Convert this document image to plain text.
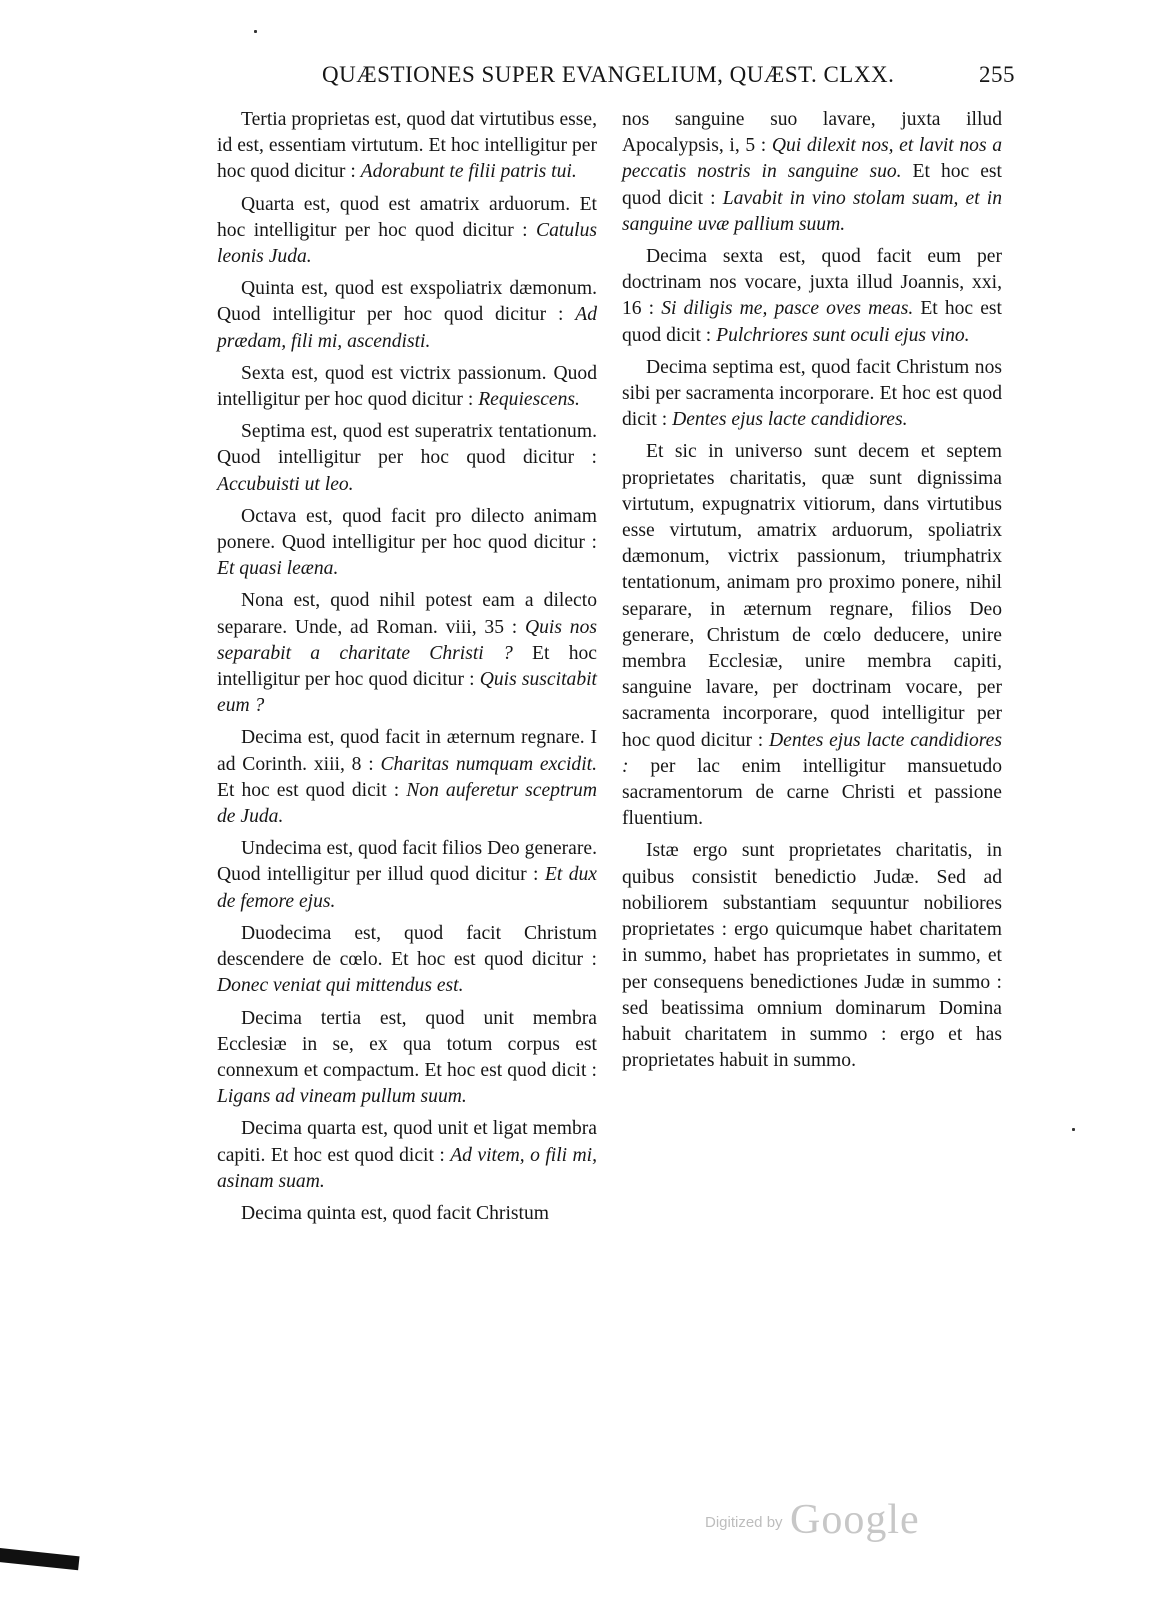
QUÆSTIONES SUPER EVANGELIUM, QUÆST. CLXX.	255

Tertia proprietas est, quod dat virtutibus esse, id est, essentiam virtutum. Et hoc intelligitur per hoc quod dicitur : Adorabunt te filii patris tui.

Quarta est, quod est amatrix arduorum. Et hoc intelligitur per hoc quod dicitur : Catulus leonis Juda.

Quinta est, quod est exspoliatrix dæmonum. Quod intelligitur per hoc quod dicitur : Ad prædam, fili mi, ascendisti.

Sexta est, quod est victrix passionum. Quod intelligitur per hoc quod dicitur : Requiescens.

Septima est, quod est superatrix tentationum. Quod intelligitur per hoc quod dicitur : Accubuisti ut leo.

Octava est, quod facit pro dilecto animam ponere. Quod intelligitur per hoc quod dicitur : Et quasi leæna.

Nona est, quod nihil potest eam a dilecto separare. Unde, ad Roman. viii, 35 : Quis nos separabit a charitate Christi ? Et hoc intelligitur per hoc quod dicitur : Quis suscitabit eum ?

Decima est, quod facit in æternum regnare. I ad Corinth. xiii, 8 : Charitas numquam excidit. Et hoc est quod dicit : Non auferetur sceptrum de Juda.

Undecima est, quod facit filios Deo generare. Quod intelligitur per illud quod dicitur : Et dux de femore ejus.

Duodecima est, quod facit Christum descendere de cœlo. Et hoc est quod dicitur : Donec veniat qui mittendus est.

Decima tertia est, quod unit membra Ecclesiæ in se, ex qua totum corpus est connexum et compactum. Et hoc est quod dicit : Ligans ad vineam pullum suum.

Decima quarta est, quod unit et ligat membra capiti. Et hoc est quod dicit : Ad vitem, o fili mi, asinam suam.

Decima quinta est, quod facit Christum

nos sanguine suo lavare, juxta illud Apocalypsis, i, 5 : Qui dilexit nos, et lavit nos a peccatis nostris in sanguine suo. Et hoc est quod dicit : Lavabit in vino stolam suam, et in sanguine uvæ pallium suum.

Decima sexta est, quod facit eum per doctrinam nos vocare, juxta illud Joannis, xxi, 16 : Si diligis me, pasce oves meas. Et hoc est quod dicit : Pulchriores sunt oculi ejus vino.

Decima septima est, quod facit Christum nos sibi per sacramenta incorporare. Et hoc est quod dicit : Dentes ejus lacte candidiores.

Et sic in universo sunt decem et septem proprietates charitatis, quæ sunt dignissima virtutum, expugnatrix vitiorum, dans virtutibus esse virtutum, amatrix arduorum, spoliatrix dæmonum, victrix passionum, triumphatrix tentationum, animam pro proximo ponere, nihil separare, in æternum regnare, filios Deo generare, Christum de cœlo deducere, unire membra Ecclesiæ, unire membra capiti, sanguine lavare, per doctrinam vocare, per sacramenta incorporare, quod intelligitur per hoc quod dicitur : Dentes ejus lacte candidiores : per lac enim intelligitur mansuetudo sacramentorum de carne Christi et passione fluentium.

Istæ ergo sunt proprietates charitatis, in quibus consistit benedictio Judæ. Sed ad nobiliorem substantiam sequuntur nobiliores proprietates : ergo quicumque habet charitatem in summo, habet has proprietates in summo, et per consequens benedictiones Judæ in summo : sed beatissima omnium dominarum Domina habuit charitatem in summo : ergo et has proprietates habuit in summo.

Digitized by Google
